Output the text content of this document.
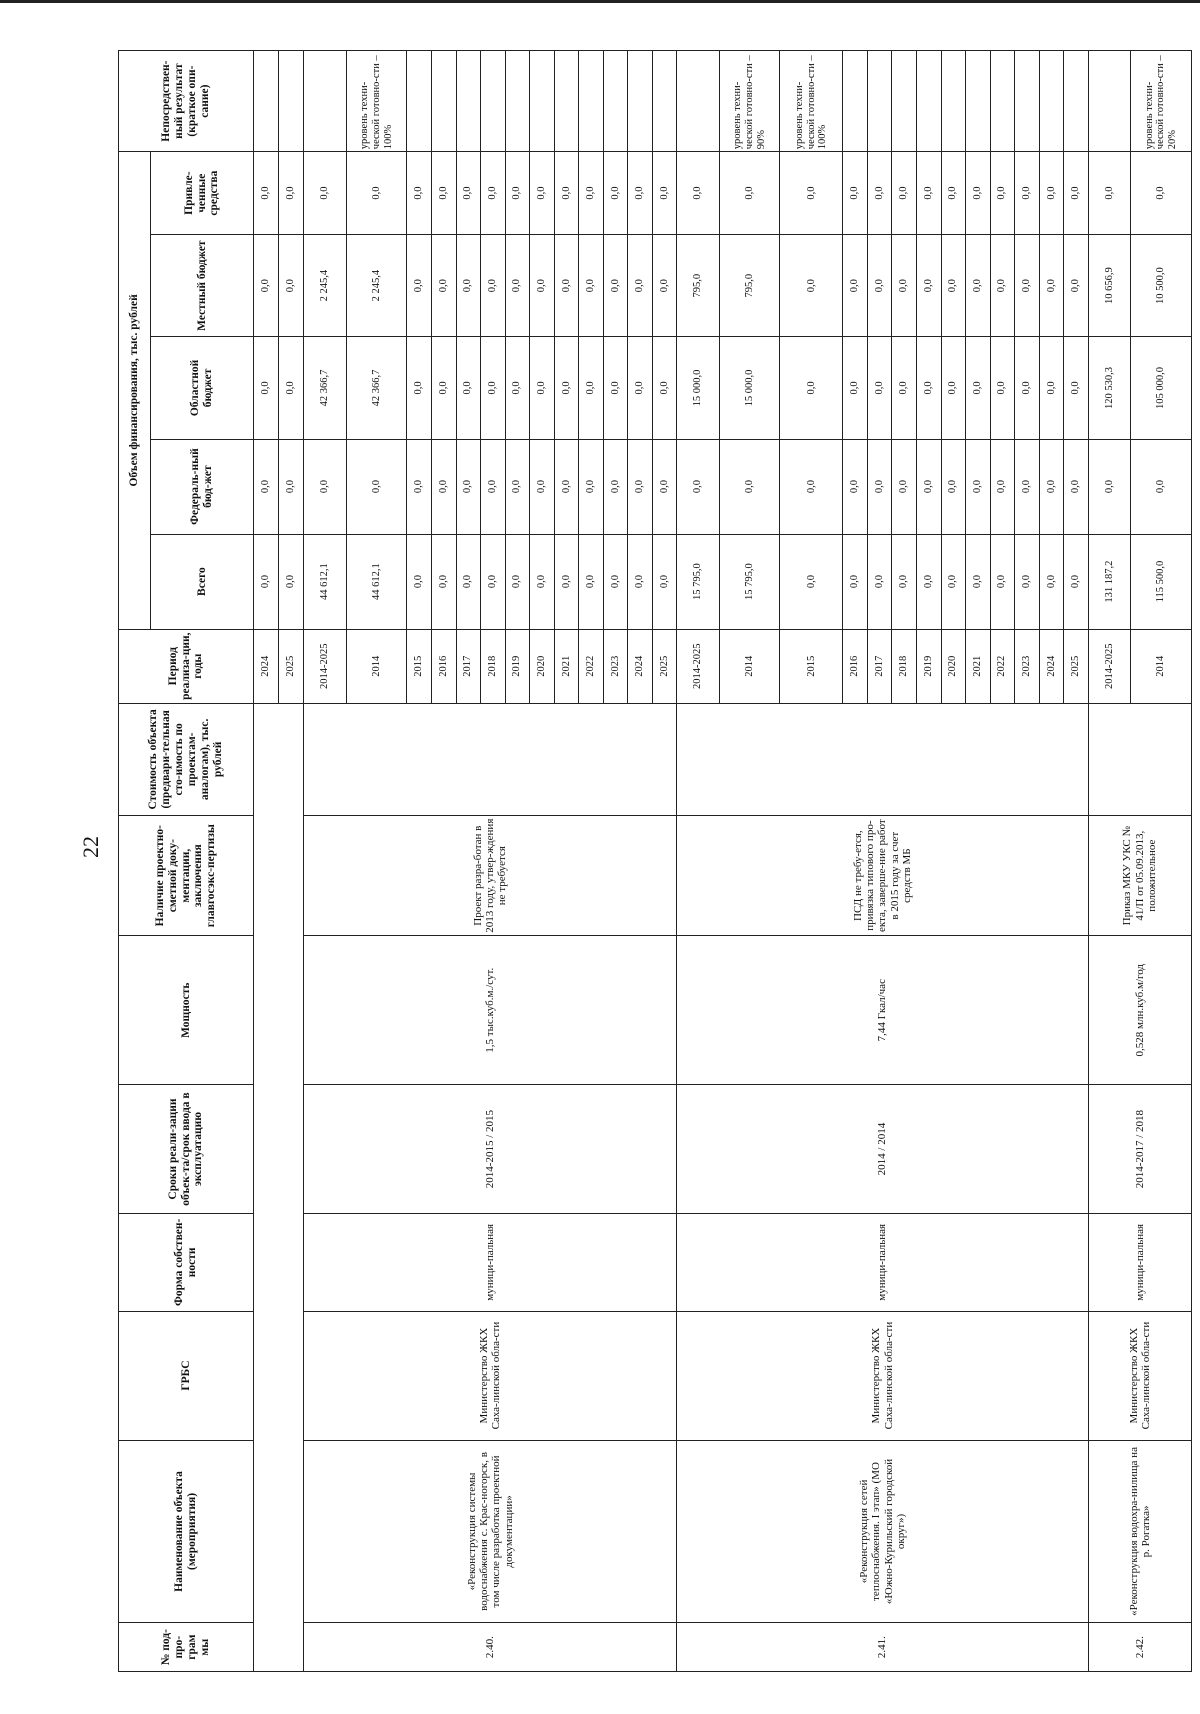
22
№ под-про-грам мы	Наименование объекта (мероприятия)	ГРБС	Форма собствен-ности	Сроки реали-зации объек-та/срок ввода в эксплуатацию	Мощность	Наличие проектно-сметной доку-ментации, заключения главгосэкс-пертизы	Стоимость объекта (предвари-тельная сто-имость по проектам-аналогам), тыс. рублей	Период реализа-ции, годы	Объем финансирования, тыс. рублей					Непосредствен-ный результат (краткое опи-сание)
									Всего	Федераль-ный бюд-жет	Областной бюджет	Местный бюджет	Привле-ченные средства	
								2024	0,0	0,0	0,0	0,0	0,0	
								2025	0,0	0,0	0,0	0,0	0,0	
2.40.	«Реконструкция системы водоснабжения с. Крас-ногорск, в том числе разработка проектной документации»	Министерство ЖКХ Саха-линской обла-сти	муници-пальная	2014-2015 / 2015	1,5 тыс.куб.м./сут.	Проект разра-ботан в 2013 году, утвер-ждения не требуется		2014-2025	44 612,1	0,0	42 366,7	2 245,4	0,0	
								2014	44 612,1	0,0	42 366,7	2 245,4	0,0	уровень техни-ческой готовно-сти – 100%
								2015	0,0	0,0	0,0	0,0	0,0	
								2016	0,0	0,0	0,0	0,0	0,0	
								2017	0,0	0,0	0,0	0,0	0,0	
								2018	0,0	0,0	0,0	0,0	0,0	
								2019	0,0	0,0	0,0	0,0	0,0	
								2020	0,0	0,0	0,0	0,0	0,0	
								2021	0,0	0,0	0,0	0,0	0,0	
								2022	0,0	0,0	0,0	0,0	0,0	
								2023	0,0	0,0	0,0	0,0	0,0	
								2024	0,0	0,0	0,0	0,0	0,0	
								2025	0,0	0,0	0,0	0,0	0,0	
2.41.	«Реконструкция сетей теплоснабжения. I этап» (МО «Южно-Курильский городской округ»)	Министерство ЖКХ Саха-линской обла-сти	муници-пальная	2014 / 2014	7,44 Гкал/час	ПСД не требу-ется, привязка типового про-екта, заверше-ние работ в 2015 году за счет средств МБ		2014-2025	15 795,0	0,0	15 000,0	795,0	0,0	
								2014	15 795,0	0,0	15 000,0	795,0	0,0	уровень техни-ческой готовно-сти – 90%
								2015	0,0	0,0	0,0	0,0	0,0	уровень техни-ческой готовно-сти – 100%
								2016	0,0	0,0	0,0	0,0	0,0	
								2017	0,0	0,0	0,0	0,0	0,0	
								2018	0,0	0,0	0,0	0,0	0,0	
								2019	0,0	0,0	0,0	0,0	0,0	
								2020	0,0	0,0	0,0	0,0	0,0	
								2021	0,0	0,0	0,0	0,0	0,0	
								2022	0,0	0,0	0,0	0,0	0,0	
								2023	0,0	0,0	0,0	0,0	0,0	
								2024	0,0	0,0	0,0	0,0	0,0	
								2025	0,0	0,0	0,0	0,0	0,0	
2.42.	«Реконструкция водохра-нилища на р. Рогатка»	Министерство ЖКХ Саха-линской обла-сти	муници-пальная	2014-2017 / 2018	0,528 млн.куб.м/год	Приказ МКУ УКС № 41/П от 05.09.2013, положительное		2014-2025	131 187,2	0,0	120 530,3	10 656,9	0,0	
								2014	115 500,0	0,0	105 000,0	10 500,0	0,0	уровень техни-ческой готовно-сти – 20%
